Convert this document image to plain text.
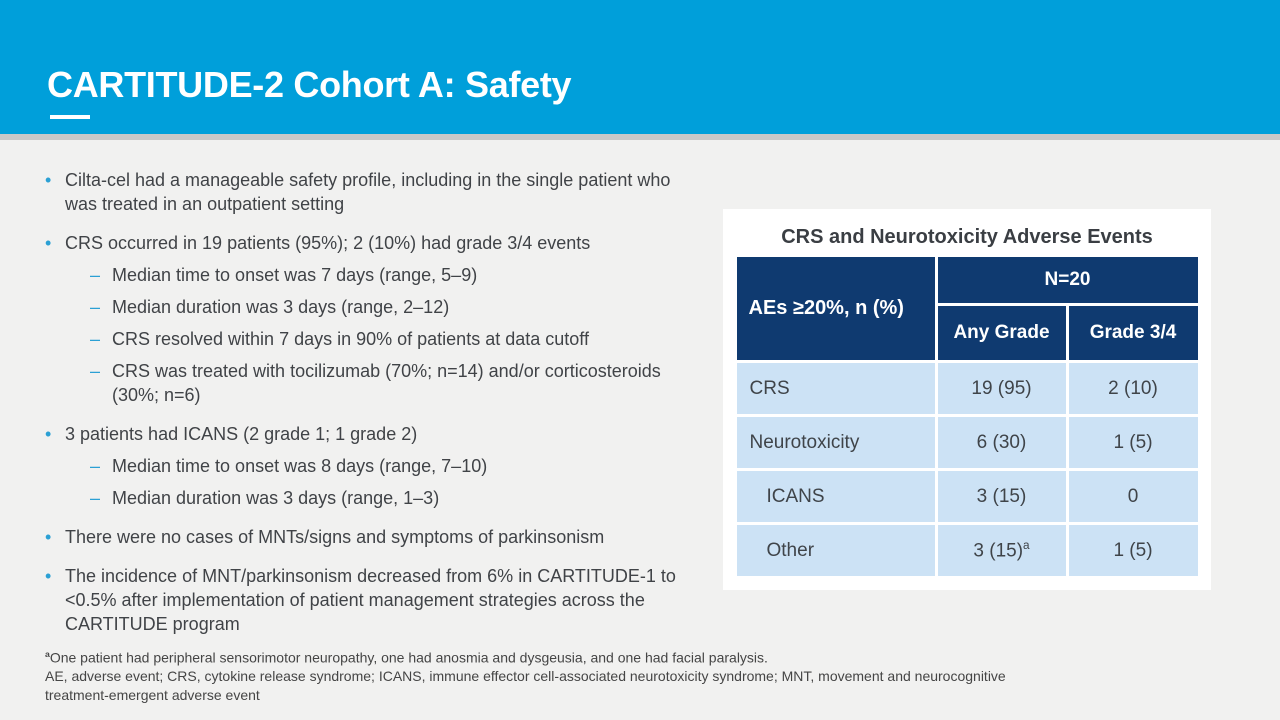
CARTITUDE-2 Cohort A: Safety
• Cilta-cel had a manageable safety profile, including in the single patient who was treated in an outpatient setting
• CRS occurred in 19 patients (95%); 2 (10%) had grade 3/4 events
– Median time to onset was 7 days (range, 5–9)
– Median duration was 3 days (range, 2–12)
– CRS resolved within 7 days in 90% of patients at data cutoff
– CRS was treated with tocilizumab (70%; n=14) and/or corticosteroids (30%; n=6)
• 3 patients had ICANS (2 grade 1; 1 grade 2)
– Median time to onset was 8 days (range, 7–10)
– Median duration was 3 days (range, 1–3)
• There were no cases of MNTs/signs and symptoms of parkinsonism
• The incidence of MNT/parkinsonism decreased from 6% in CARTITUDE-1 to <0.5% after implementation of patient management strategies across the CARTITUDE program

CRS and Neurotoxicity Adverse Events

AEs ≥20%, n (%)	N=20	
	Any Grade	Grade 3/4
CRS	19 (95)	2 (10)
Neurotoxicity	6 (30)	1 (5)
ICANS	3 (15)	0
Other	3 $(15)^a$	1 (5)

$^a$One patient had peripheral sensorimotor neuropathy, one had anosmia and dysgeusia, and one had facial paralysis.

AE, adverse event; CRS, cytokine release syndrome; ICANS, immune effector cell-associated neurotoxicity syndrome; MNT, movement and neurocognitive treatment-emergent adverse event
